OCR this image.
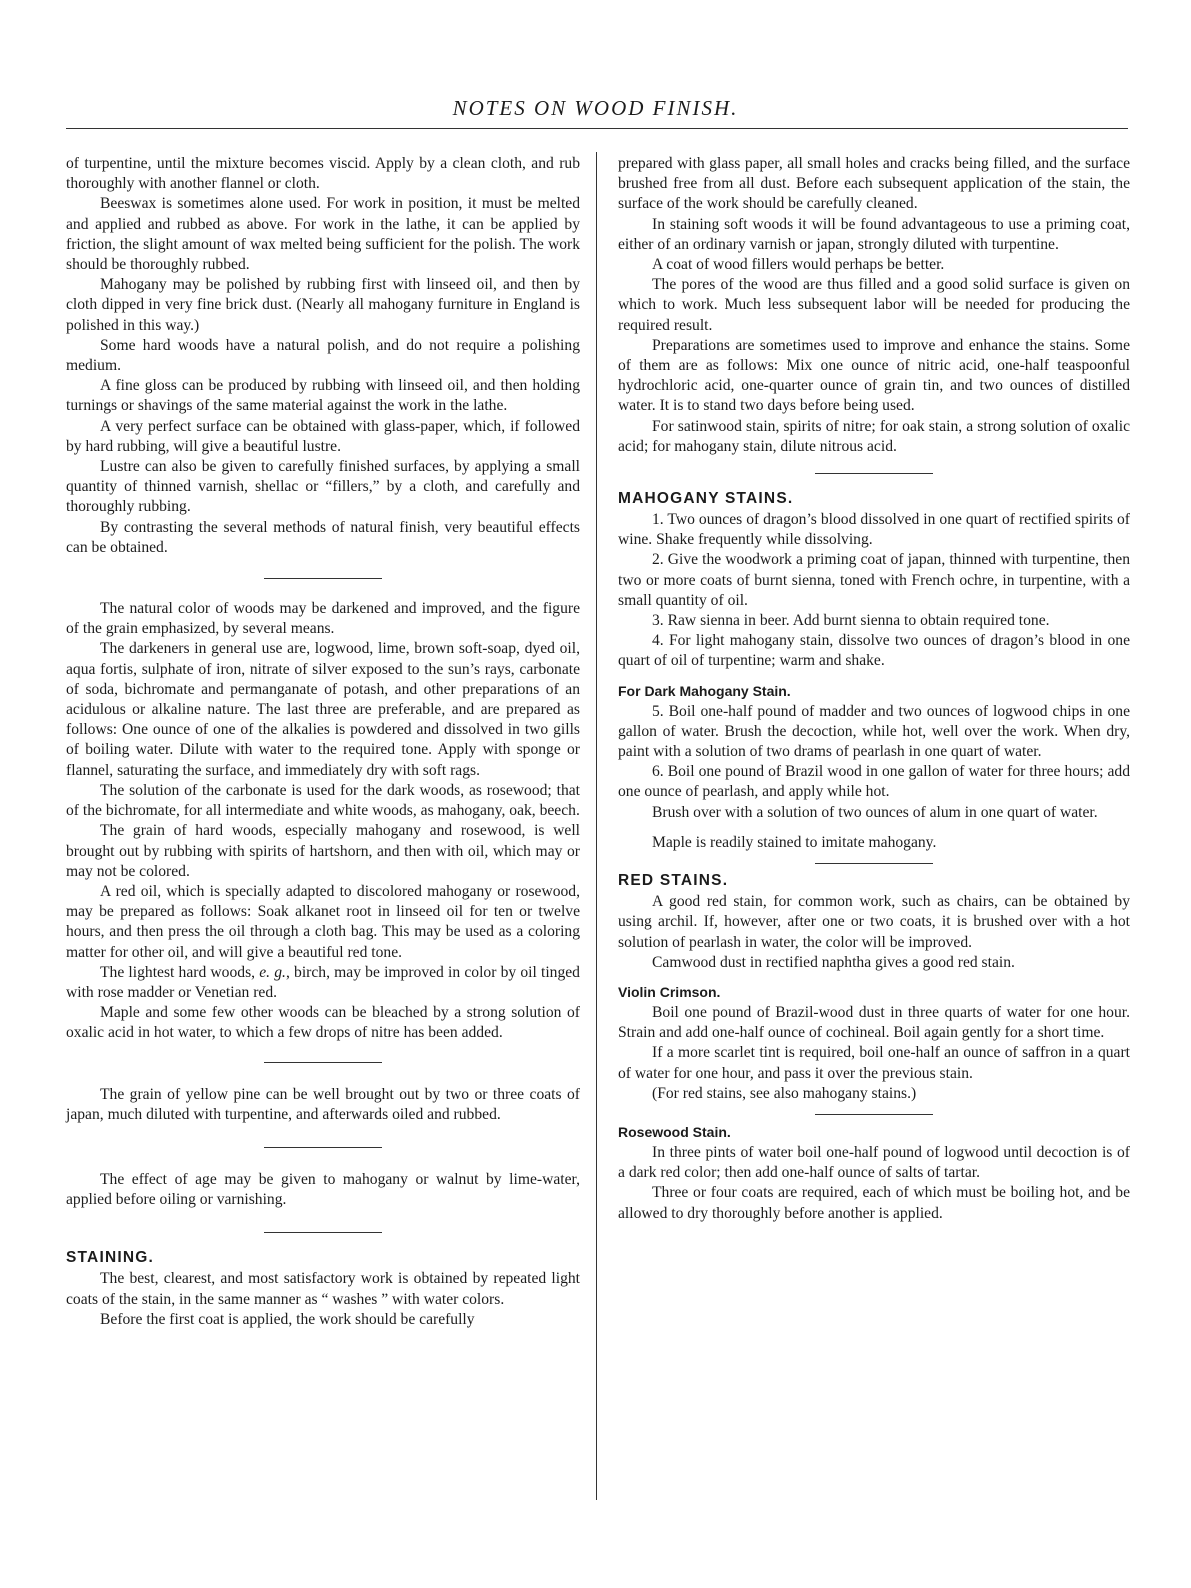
NOTES ON WOOD FINISH.

of turpentine, until the mixture becomes viscid. Apply by a clean cloth, and rub thoroughly with another flannel or cloth.

Beeswax is sometimes alone used. For work in position, it must be melted and applied and rubbed as above. For work in the lathe, it can be applied by friction, the slight amount of wax melted being sufficient for the polish. The work should be thoroughly rubbed.

Mahogany may be polished by rubbing first with linseed oil, and then by cloth dipped in very fine brick dust. (Nearly all mahogany furniture in England is polished in this way.)

Some hard woods have a natural polish, and do not require a polishing medium.

A fine gloss can be produced by rubbing with linseed oil, and then holding turnings or shavings of the same material against the work in the lathe.

A very perfect surface can be obtained with glass-paper, which, if followed by hard rubbing, will give a beautiful lustre.

Lustre can also be given to carefully finished surfaces, by applying a small quantity of thinned varnish, shellac or “fillers,” by a cloth, and carefully and thoroughly rubbing.

By contrasting the several methods of natural finish, very beautiful effects can be obtained.

The natural color of woods may be darkened and improved, and the figure of the grain emphasized, by several means.

The darkeners in general use are, logwood, lime, brown soft-soap, dyed oil, aqua fortis, sulphate of iron, nitrate of silver exposed to the sun’s rays, carbonate of soda, bichromate and permanganate of potash, and other preparations of an acidulous or alkaline nature. The last three are preferable, and are prepared as follows: One ounce of one of the alkalies is powdered and dissolved in two gills of boiling water. Dilute with water to the required tone. Apply with sponge or flannel, saturating the surface, and immediately dry with soft rags.

The solution of the carbonate is used for the dark woods, as rosewood; that of the bichromate, for all intermediate and white woods, as mahogany, oak, beech.

The grain of hard woods, especially mahogany and rosewood, is well brought out by rubbing with spirits of hartshorn, and then with oil, which may or may not be colored.

A red oil, which is specially adapted to discolored mahogany or rosewood, may be prepared as follows: Soak alkanet root in linseed oil for ten or twelve hours, and then press the oil through a cloth bag. This may be used as a coloring matter for other oil, and will give a beautiful red tone.

The lightest hard woods, e. g., birch, may be improved in color by oil tinged with rose madder or Venetian red.

Maple and some few other woods can be bleached by a strong solution of oxalic acid in hot water, to which a few drops of nitre has been added.

The grain of yellow pine can be well brought out by two or three coats of japan, much diluted with turpentine, and afterwards oiled and rubbed.

The effect of age may be given to mahogany or walnut by lime-water, applied before oiling or varnishing.

STAINING.

The best, clearest, and most satisfactory work is obtained by repeated light coats of the stain, in the same manner as “ washes ” with water colors.

Before the first coat is applied, the work should be carefully

prepared with glass paper, all small holes and cracks being filled, and the surface brushed free from all dust. Before each subsequent application of the stain, the surface of the work should be carefully cleaned.

In staining soft woods it will be found advantageous to use a priming coat, either of an ordinary varnish or japan, strongly diluted with turpentine.

A coat of wood fillers would perhaps be better.

The pores of the wood are thus filled and a good solid surface is given on which to work. Much less subsequent labor will be needed for producing the required result.

Preparations are sometimes used to improve and enhance the stains. Some of them are as follows: Mix one ounce of nitric acid, one-half teaspoonful hydrochloric acid, one-quarter ounce of grain tin, and two ounces of distilled water. It is to stand two days before being used.

For satinwood stain, spirits of nitre; for oak stain, a strong solution of oxalic acid; for mahogany stain, dilute nitrous acid.

MAHOGANY STAINS.

1. Two ounces of dragon’s blood dissolved in one quart of rectified spirits of wine. Shake frequently while dissolving.

2. Give the woodwork a priming coat of japan, thinned with turpentine, then two or more coats of burnt sienna, toned with French ochre, in turpentine, with a small quantity of oil.

3. Raw sienna in beer. Add burnt sienna to obtain required tone.

4. For light mahogany stain, dissolve two ounces of dragon’s blood in one quart of oil of turpentine; warm and shake.

For Dark Mahogany Stain.

5. Boil one-half pound of madder and two ounces of logwood chips in one gallon of water. Brush the decoction, while hot, well over the work. When dry, paint with a solution of two drams of pearlash in one quart of water.

6. Boil one pound of Brazil wood in one gallon of water for three hours; add one ounce of pearlash, and apply while hot.

Brush over with a solution of two ounces of alum in one quart of water.

Maple is readily stained to imitate mahogany.

RED STAINS.

A good red stain, for common work, such as chairs, can be obtained by using archil. If, however, after one or two coats, it is brushed over with a hot solution of pearlash in water, the color will be improved.

Camwood dust in rectified naphtha gives a good red stain.

Violin Crimson.

Boil one pound of Brazil-wood dust in three quarts of water for one hour. Strain and add one-half ounce of cochineal. Boil again gently for a short time.

If a more scarlet tint is required, boil one-half an ounce of saffron in a quart of water for one hour, and pass it over the previous stain.

(For red stains, see also mahogany stains.)

Rosewood Stain.

In three pints of water boil one-half pound of logwood until decoction is of a dark red color; then add one-half ounce of salts of tartar.

Three or four coats are required, each of which must be boiling hot, and be allowed to dry thoroughly before another is applied.
